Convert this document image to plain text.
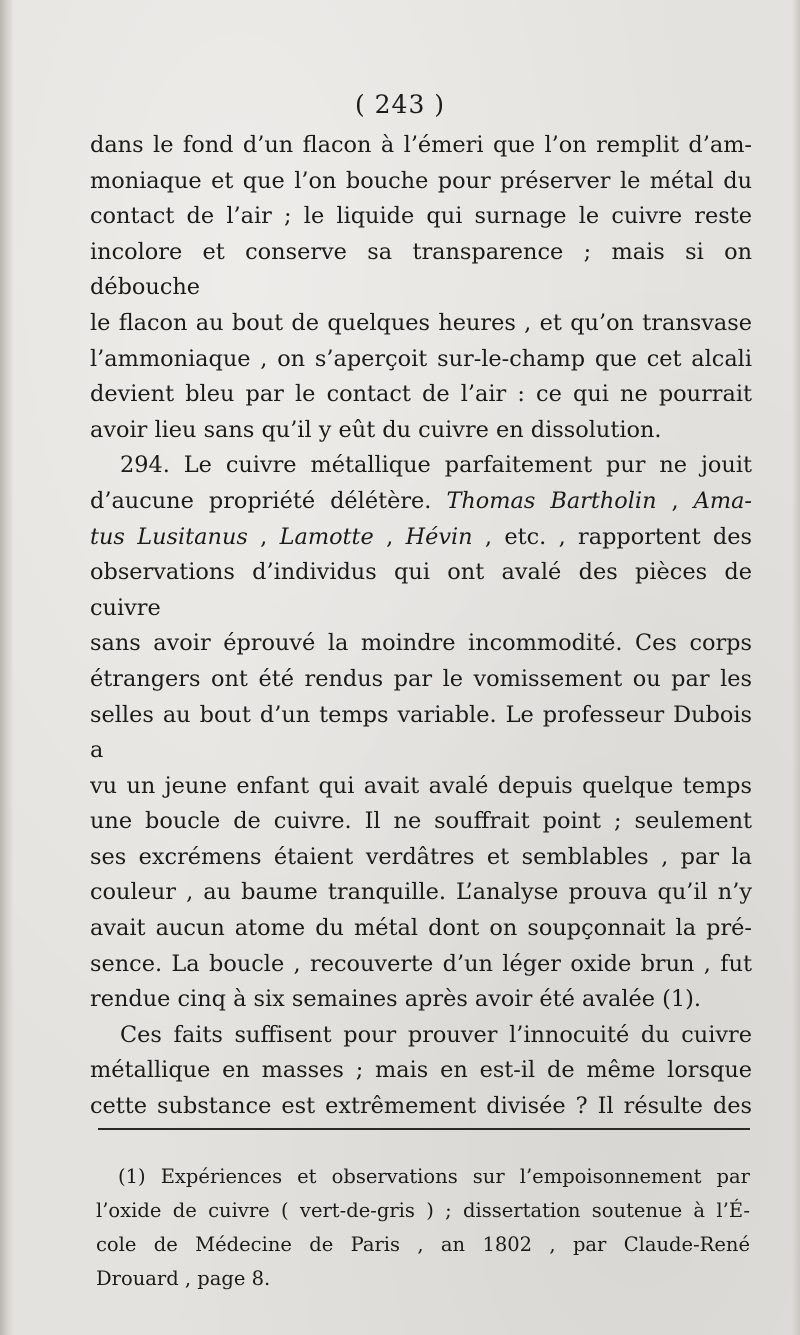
( 243 )

dans le fond d’un flacon à l’émeri que l’on remplit d’am-

moniaque et que l’on bouche pour préserver le métal du

contact de l’air ; le liquide qui surnage le cuivre reste

incolore et conserve sa transparence ; mais si on débouche

le flacon au bout de quelques heures , et qu’on transvase

l’ammoniaque , on s’aperçoit sur-le-champ que cet alcali

devient bleu par le contact de l’air : ce qui ne pourrait

avoir lieu sans qu’il y eût du cuivre en dissolution.

294. Le cuivre métallique parfaitement pur ne jouit

d’aucune propriété délétère. Thomas Bartholin , Ama-

tus Lusitanus , Lamotte , Hévin , etc. , rapportent des

observations d’individus qui ont avalé des pièces de cuivre

sans avoir éprouvé la moindre incommodité. Ces corps

étrangers ont été rendus par le vomissement ou par les

selles au bout d’un temps variable. Le professeur Dubois a

vu un jeune enfant qui avait avalé depuis quelque temps

une boucle de cuivre. Il ne souffrait point ; seulement

ses excrémens étaient verdâtres et semblables , par la

couleur , au baume tranquille. L’analyse prouva qu’il n’y

avait aucun atome du métal dont on soupçonnait la pré-

sence. La boucle , recouverte d’un léger oxide brun , fut

rendue cinq à six semaines après avoir été avalée (1).

Ces faits suffisent pour prouver l’innocuité du cuivre

métallique en masses ; mais en est-il de même lorsque

cette substance est extrêmement divisée ? Il résulte des

(1) Expériences et observations sur l’empoisonnement par

l’oxide de cuivre ( vert-de-gris ) ; dissertation soutenue à l’É-

cole de Médecine de Paris , an 1802 , par Claude-René

Drouard , page 8.
